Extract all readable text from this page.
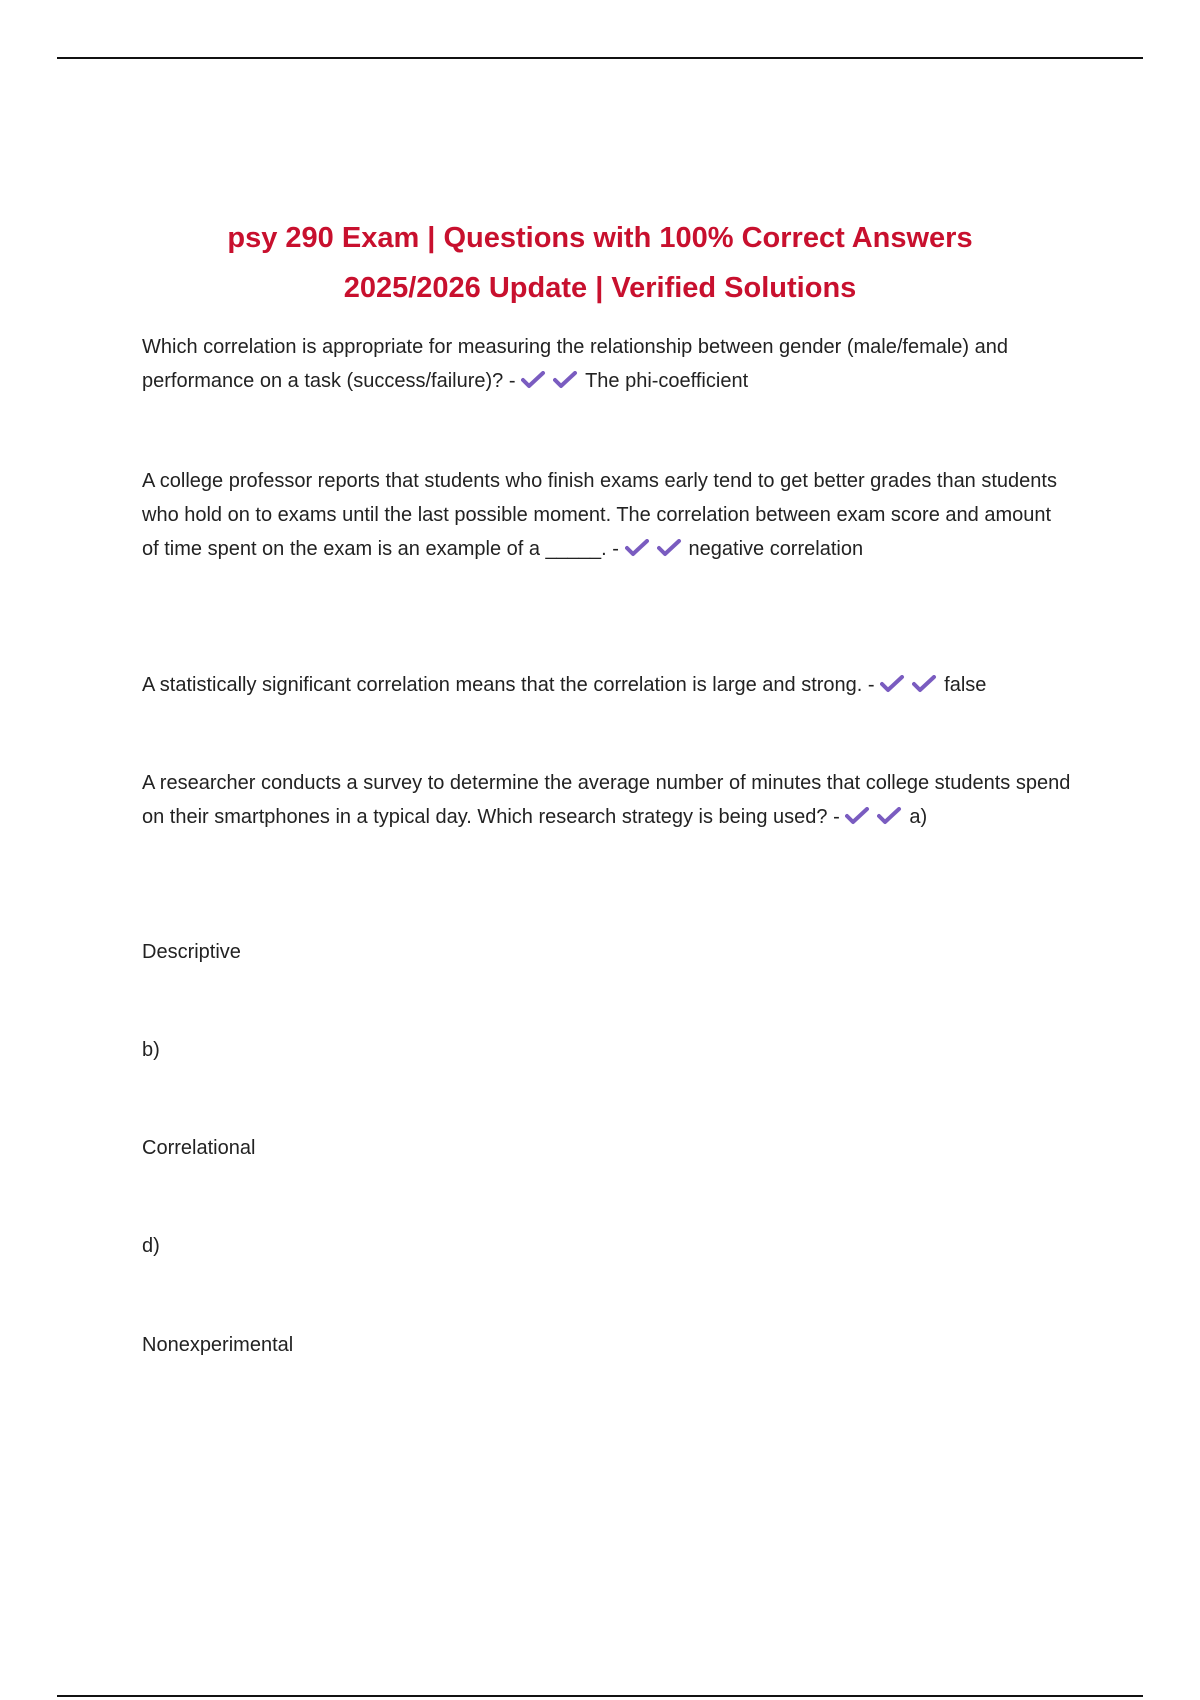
psy 290 Exam | Questions with 100% Correct Answers
2025/2026 Update | Verified Solutions

Which correlation is appropriate for measuring the relationship between gender (male/female) and performance on a task (success/failure)? -	The phi-coefficient

A college professor reports that students who finish exams early tend to get better grades than students who hold on to exams until the last possible moment. The correlation between exam score and amount of time spent on the exam is an example of a _____. -	negative correlation

A statistically significant correlation means that the correlation is large and strong. -	false

A researcher conducts a survey to determine the average number of minutes that college students spend on their smartphones in a typical day. Which research strategy is being used? -	a)

Descriptive

b)

Correlational

d)

Nonexperimental
